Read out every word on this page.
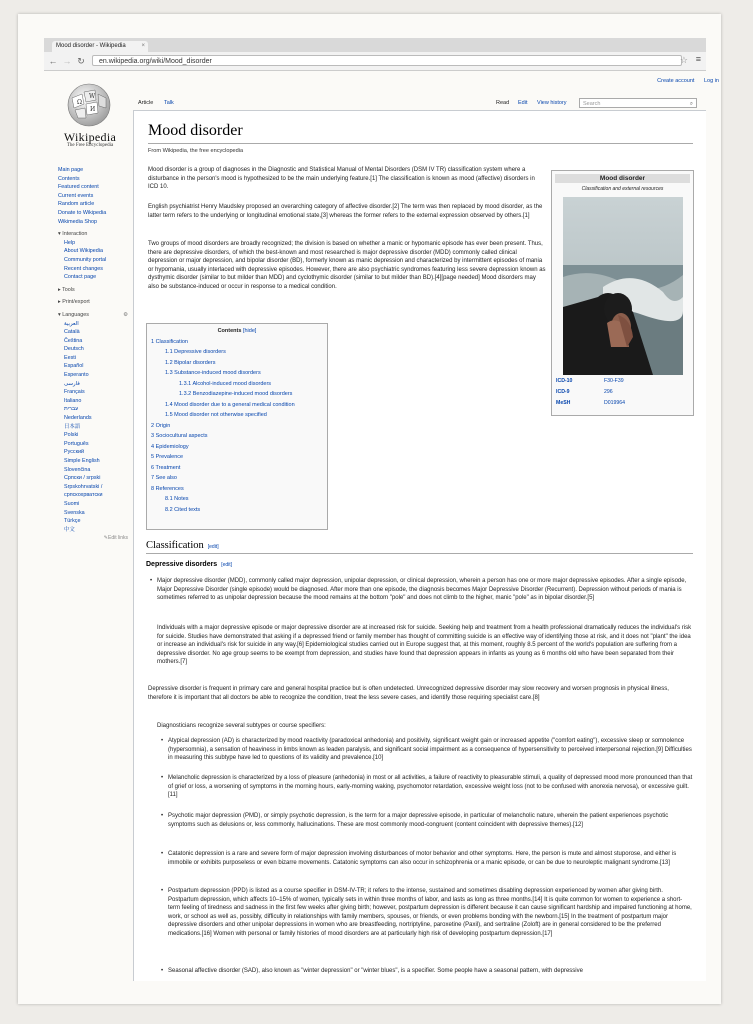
Mood disorder - Wikipedia	×
← → ↻	en.wikipedia.org/wiki/Mood_disorder	☆ ≡
Create account Log in
Ω
W
И
Wikipedia
The Free Encyclopedia
Main page
Contents
Featured content
Current events
Random article
Donate to Wikipedia
Wikimedia Shop
▾ Interaction
Help
About Wikipedia
Community portal
Recent changes
Contact page
▸ Tools
▸ Print/export
▾ Languages	⚙
العربية
Català
Čeština
Deutsch
Eesti
Español
Esperanto
فارسی
Français
Italiano
עברית
Nederlands
日本語
Polski
Português
Русский
Simple English
Slovenčina
Српски / srpski
Srpskohrvatski / српскохрватски
Suomi
Svenska
Türkçe
中文
✎Edit links
Article Talk	Read Edit View history	Search	⌕
Mood disorder
From Wikipedia, the free encyclopedia
Mood disorder is a group of diagnoses in the Diagnostic and Statistical Manual of Mental Disorders (DSM IV TR) classification system where a disturbance in the person's mood is hypothesized to be the main underlying feature.[1] The classification is known as mood (affective) disorders in ICD 10.
English psychiatrist Henry Maudsley proposed an overarching category of affective disorder.[2] The term was then replaced by mood disorder, as the latter term refers to the underlying or longitudinal emotional state,[3] whereas the former refers to the external expression observed by others.[1]
Two groups of mood disorders are broadly recognized; the division is based on whether a manic or hypomanic episode has ever been present. Thus, there are depressive disorders, of which the best-known and most researched is major depressive disorder (MDD) commonly called clinical depression or major depression, and bipolar disorder (BD), formerly known as manic depression and characterized by intermittent episodes of mania or hypomania, usually interlaced with depressive episodes. However, there are also psychiatric syndromes featuring less severe depression known as dysthymic disorder (similar to but milder than MDD) and cyclothymic disorder (similar to but milder than BD).[4][page needed] Mood disorders may also be substance-induced or occur in response to a medical condition.
Mood disorder
Classification and external resources
ICD-10	F30-F39
ICD-9	296
MeSH	D019964
Contents [hide]
1 Classification
1.1 Depressive disorders
1.2 Bipolar disorders
1.3 Substance-induced mood disorders
1.3.1 Alcohol-induced mood disorders
1.3.2 Benzodiazepine-induced mood disorders
1.4 Mood disorder due to a general medical condition
1.5 Mood disorder not otherwise specified
2 Origin
3 Sociocultural aspects
4 Epidemiology
5 Prevalence
6 Treatment
7 See also
8 References
8.1 Notes
8.2 Cited texts
Classification [edit]
Depressive disorders [edit]
• Major depressive disorder (MDD), commonly called major depression, unipolar depression, or clinical depression, wherein a person has one or more major depressive episodes. After a single episode, Major Depressive Disorder (single episode) would be diagnosed. After more than one episode, the diagnosis becomes Major Depressive Disorder (Recurrent). Depression without periods of mania is sometimes referred to as unipolar depression because the mood remains at the bottom "pole" and does not climb to the higher, manic "pole" as in bipolar disorder.[5]
Individuals with a major depressive episode or major depressive disorder are at increased risk for suicide. Seeking help and treatment from a health professional dramatically reduces the individual's risk for suicide. Studies have demonstrated that asking if a depressed friend or family member has thought of committing suicide is an effective way of identifying those at risk, and it does not "plant" the idea or increase an individual's risk for suicide in any way.[6] Epidemiological studies carried out in Europe suggest that, at this moment, roughly 8.5 percent of the world's population are suffering from a depressive disorder. No age group seems to be exempt from depression, and studies have found that depression appears in infants as young as 6 months old who have been separated from their mothers.[7]
Depressive disorder is frequent in primary care and general hospital practice but is often undetected. Unrecognized depressive disorder may slow recovery and worsen prognosis in physical illness, therefore it is important that all doctors be able to recognize the condition, treat the less severe cases, and identify those requiring specialist care.[8]
Diagnosticians recognize several subtypes or course specifiers:
• Atypical depression (AD) is characterized by mood reactivity (paradoxical anhedonia) and positivity, significant weight gain or increased appetite ("comfort eating"), excessive sleep or somnolence (hypersomnia), a sensation of heaviness in limbs known as leaden paralysis, and significant social impairment as a consequence of hypersensitivity to perceived interpersonal rejection.[9] Difficulties in measuring this subtype have led to questions of its validity and prevalence.[10]
• Melancholic depression is characterized by a loss of pleasure (anhedonia) in most or all activities, a failure of reactivity to pleasurable stimuli, a quality of depressed mood more pronounced than that of grief or loss, a worsening of symptoms in the morning hours, early-morning waking, psychomotor retardation, excessive weight loss (not to be confused with anorexia nervosa), or excessive guilt.[11]
• Psychotic major depression (PMD), or simply psychotic depression, is the term for a major depressive episode, in particular of melancholic nature, wherein the patient experiences psychotic symptoms such as delusions or, less commonly, hallucinations. These are most commonly mood-congruent (content coincident with depressive themes).[12]
• Catatonic depression is a rare and severe form of major depression involving disturbances of motor behavior and other symptoms. Here, the person is mute and almost stuporose, and either is immobile or exhibits purposeless or even bizarre movements. Catatonic symptoms can also occur in schizophrenia or a manic episode, or can be due to neuroleptic malignant syndrome.[13]
• Postpartum depression (PPD) is listed as a course specifier in DSM-IV-TR; it refers to the intense, sustained and sometimes disabling depression experienced by women after giving birth. Postpartum depression, which affects 10–15% of women, typically sets in within three months of labor, and lasts as long as three months.[14] It is quite common for women to experience a short-term feeling of tiredness and sadness in the first few weeks after giving birth; however, postpartum depression is different because it can cause significant hardship and impaired functioning at home, work, or school as well as, possibly, difficulty in relationships with family members, spouses, or friends, or even problems bonding with the newborn.[15] In the treatment of postpartum major depressive disorders and other unipolar depressions in women who are breastfeeding, nortriptyline, paroxetine (Paxil), and sertraline (Zoloft) are in general considered to be the preferred medications.[16] Women with personal or family histories of mood disorders are at particularly high risk of developing postpartum depression.[17]
• Seasonal affective disorder (SAD), also known as "winter depression" or "winter blues", is a specifier. Some people have a seasonal pattern, with depressive
